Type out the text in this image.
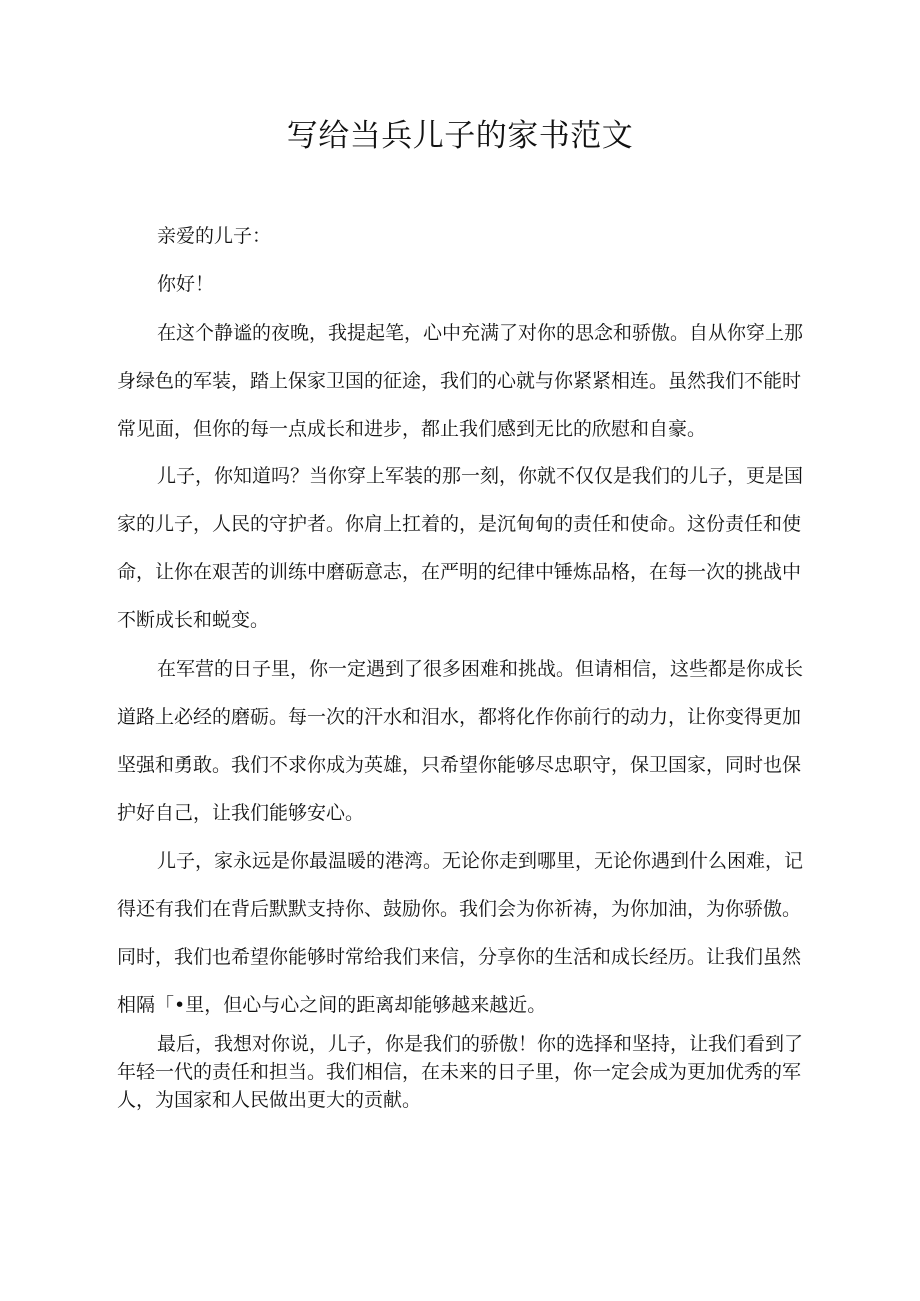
写给当兵儿子的家书范文

亲爱的儿子：

你好！

在这个静谧的夜晚，我提起笔，心中充满了对你的思念和骄傲。自从你穿上那身绿色的军装，踏上保家卫国的征途，我们的心就与你紧紧相连。虽然我们不能时常见面，但你的每一点成长和进步，都止我们感到无比的欣慰和自豪。

儿子，你知道吗？当你穿上军装的那一刻，你就不仅仅是我们的儿子，更是国家的儿子，人民的守护者。你肩上扛着的，是沉甸甸的责任和使命。这份责任和使命，让你在艰苦的训练中磨砺意志，在严明的纪律中锤炼品格，在每一次的挑战中不断成长和蜕变。

在军营的日子里，你一定遇到了很多困难和挑战。但请相信，这些都是你成长道路上必经的磨砺。每一次的汗水和泪水，都将化作你前行的动力，让你变得更加坚强和勇敢。我们不求你成为英雄，只希望你能够尽忠职守，保卫国家，同时也保护好自己，让我们能够安心。

儿子，家永远是你最温暖的港湾。无论你走到哪里，无论你遇到什么困难，记得还有我们在背后默默支持你、鼓励你。我们会为你祈祷，为你加油，为你骄傲。同时，我们也希望你能够时常给我们来信，分享你的生活和成长经历。让我们虽然相隔「•里，但心与心之间的距离却能够越来越近。

最后，我想对你说，儿子，你是我们的骄傲！你的选择和坚持，让我们看到了年轻一代的责任和担当。我们相信，在未来的日子里，你一定会成为更加优秀的军人，为国家和人民做出更大的贡献。
